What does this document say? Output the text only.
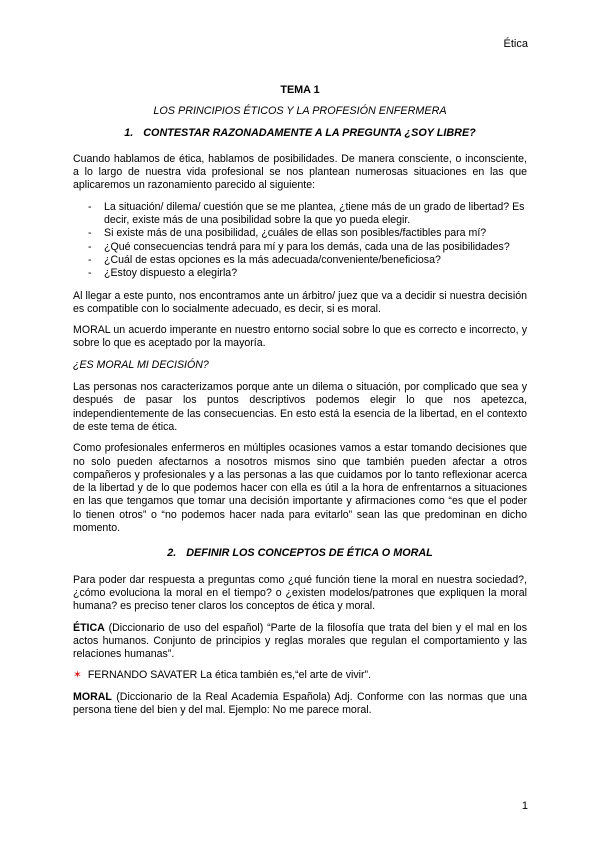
Ética
TEMA 1
LOS PRINCIPIOS ÉTICOS Y LA PROFESIÓN ENFERMERA
1. CONTESTAR RAZONADAMENTE A LA PREGUNTA ¿SOY LIBRE?

Cuando hablamos de ética, hablamos de posibilidades. De manera consciente, o inconsciente, a lo largo de nuestra vida profesional se nos plantean numerosas situaciones en las que aplicaremos un razonamiento parecido al siguiente:

- La situación/ dilema/ cuestión que se me plantea, ¿tiene más de un grado de libertad? Es decir, existe más de una posibilidad sobre la que yo pueda elegir.
- Si existe más de una posibilidad, ¿cuáles de ellas son posibles/factibles para mí?
- ¿Qué consecuencias tendrá para mí y para los demás, cada una de las posibilidades?
- ¿Cuál de estas opciones es la más adecuada/conveniente/beneficiosa?
- ¿Estoy dispuesto a elegirla?

Al llegar a este punto, nos encontramos ante un árbitro/ juez que va a decidir si nuestra decisión es compatible con lo socialmente adecuado, es decir, si es moral.

MORAL un acuerdo imperante en nuestro entorno social sobre lo que es correcto e incorrecto, y sobre lo que es aceptado por la mayoría.

¿ES MORAL MI DECISIÓN?

Las personas nos caracterizamos porque ante un dilema o situación, por complicado que sea y después de pasar los puntos descriptivos podemos elegir lo que nos apetezca, independientemente de las consecuencias. En esto está la esencia de la libertad, en el contexto de este tema de ética.

Como profesionales enfermeros en múltiples ocasiones vamos a estar tomando decisiones que no solo pueden afectarnos a nosotros mismos sino que también pueden afectar a otros compañeros y profesionales y a las personas a las que cuidamos por lo tanto reflexionar acerca de la libertad y de lo que podemos hacer con ella es útil a la hora de enfrentarnos a situaciones en las que tengamos que tomar una decisión importante y afirmaciones como “es que el poder lo tienen otros” o “no podemos hacer nada para evitarlo” sean las que predominan en dicho momento.

2. DEFINIR LOS CONCEPTOS DE ÉTICA O MORAL

Para poder dar respuesta a preguntas como ¿qué función tiene la moral en nuestra sociedad?, ¿cómo evoluciona la moral en el tiempo? o ¿existen modelos/patrones que expliquen la moral humana? es preciso tener claros los conceptos de ética y moral.

ÉTICA (Diccionario de uso del español) “Parte de la filosofía que trata del bien y el mal en los actos humanos. Conjunto de principios y reglas morales que regulan el comportamiento y las relaciones humanas”.

✶ FERNANDO SAVATER La ética también es,“el arte de vivir”.

MORAL (Diccionario de la Real Academia Española) Adj. Conforme con las normas que una persona tiene del bien y del mal. Ejemplo: No me parece moral.

1
